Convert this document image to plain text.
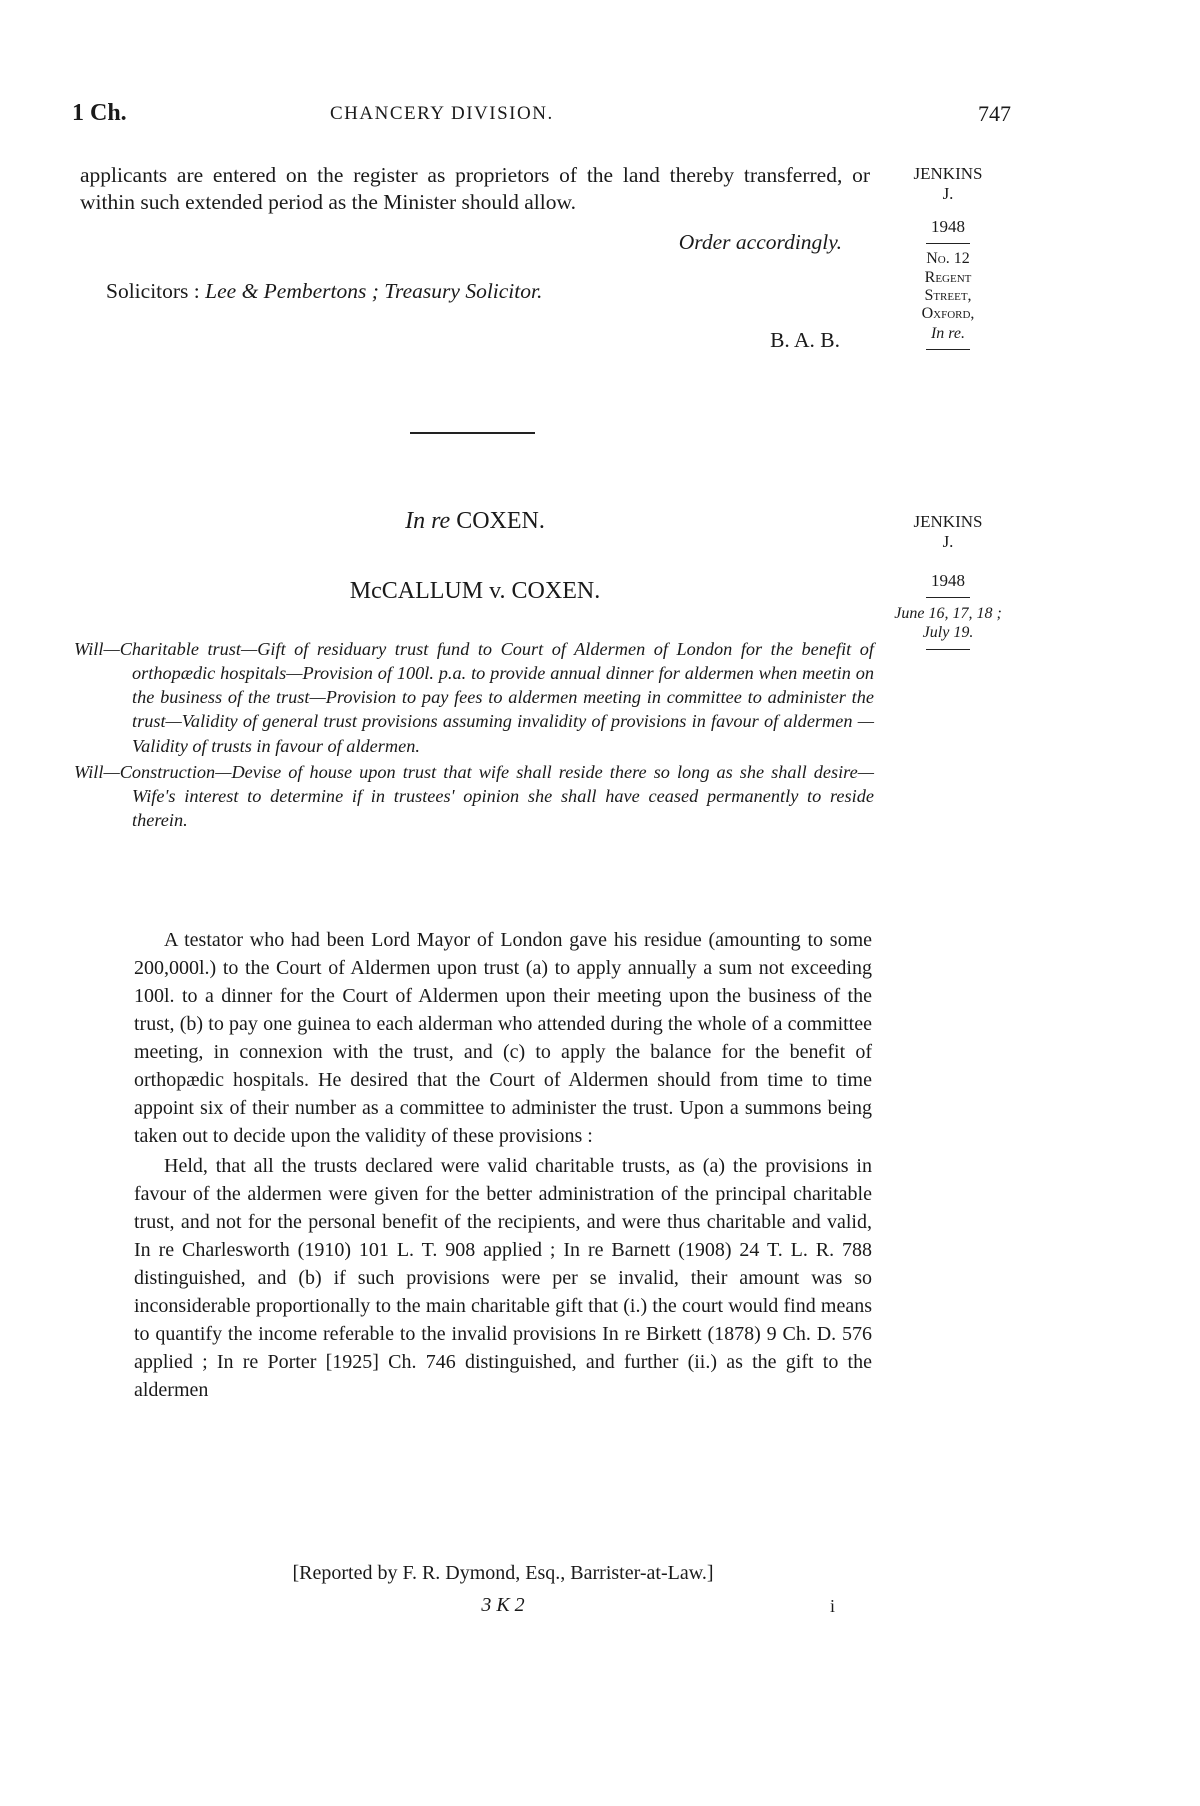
1 Ch.	CHANCERY DIVISION.	747

applicants are entered on the register as proprietors of the land thereby transferred, or within such extended period as the Minister should allow.

Order accordingly.

Solicitors : Lee & Pembertons ; Treasury Solicitor.

B. A. B.

JENKINS
J.
1948
No. 12
Regent
Street,
Oxford,
In re.
In re COXEN.
McCALLUM v. COXEN.
JENKINS
J.
1948
June 16, 17, 18 ; July 19.

Will—Charitable trust—Gift of residuary trust fund to Court of Aldermen of London for the benefit of orthopædic hospitals—Provision of 100l. p.a. to provide annual dinner for aldermen when meetin on the business of the trust—Provision to pay fees to aldermen meeting in committee to administer the trust—Validity of general trust provisions assuming invalidity of provisions in favour of aldermen —Validity of trusts in favour of aldermen.

Will—Construction—Devise of house upon trust that wife shall reside there so long as she shall desire—Wife's interest to determine if in trustees' opinion she shall have ceased permanently to reside therein.

A testator who had been Lord Mayor of London gave his residue (amounting to some 200,000l.) to the Court of Aldermen upon trust (a) to apply annually a sum not exceeding 100l. to a dinner for the Court of Aldermen upon their meeting upon the business of the trust, (b) to pay one guinea to each alderman who attended during the whole of a committee meeting, in connexion with the trust, and (c) to apply the balance for the benefit of orthopædic hospitals. He desired that the Court of Aldermen should from time to time appoint six of their number as a committee to administer the trust. Upon a summons being taken out to decide upon the validity of these provisions :

Held, that all the trusts declared were valid charitable trusts, as (a) the provisions in favour of the aldermen were given for the better administration of the principal charitable trust, and not for the personal benefit of the recipients, and were thus charitable and valid, In re Charlesworth (1910) 101 L. T. 908 applied ; In re Barnett (1908) 24 T. L. R. 788 distinguished, and (b) if such provisions were per se invalid, their amount was so inconsiderable proportionally to the main charitable gift that (i.) the court would find means to quantify the income referable to the invalid provisions In re Birkett (1878) 9 Ch. D. 576 applied ; In re Porter [1925] Ch. 746 distinguished, and further (ii.) as the gift to the aldermen

[Reported by F. R. Dymond, Esq., Barrister-at-Law.]
3 K 2	i
